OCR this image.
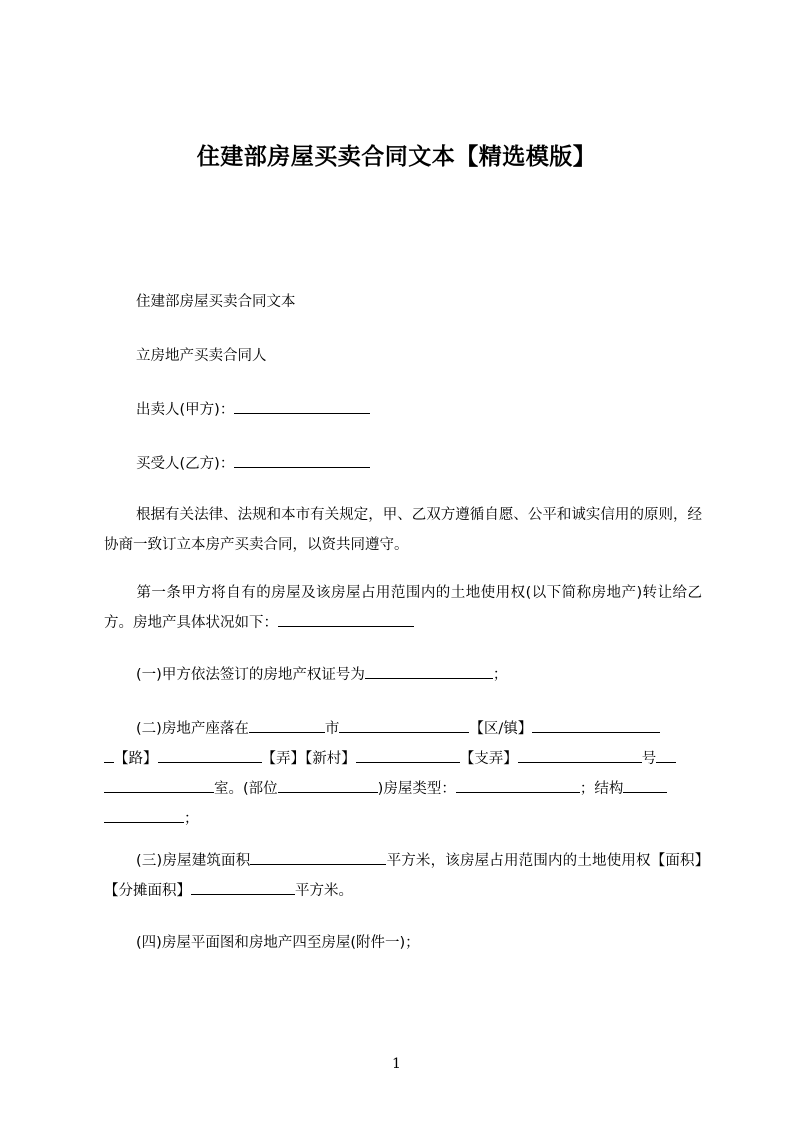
住建部房屋买卖合同文本【精选模版】
住建部房屋买卖合同文本
立房地产买卖合同人
出卖人(甲方)：
买受人(乙方)：
根据有关法律、法规和本市有关规定，甲、乙双方遵循自愿、公平和诚实信用的原则，经协商一致订立本房产买卖合同，以资共同遵守。
第一条甲方将自有的房屋及该房屋占用范围内的土地使用权(以下简称房地产)转让给乙方。房地产具体状况如下：
(一)甲方依法签订的房地产权证号为	；
(二)房地产座落在	市	【区/镇】
【路】	【弄】【新村】	【支弄】	号
室。(部位	)房屋类型：	；结构
；
(三)房屋建筑面积	平方米，该房屋占用范围内的土地使用权【面积】【分摊面积】	平方米。
(四)房屋平面图和房地产四至房屋(附件一)；
1
